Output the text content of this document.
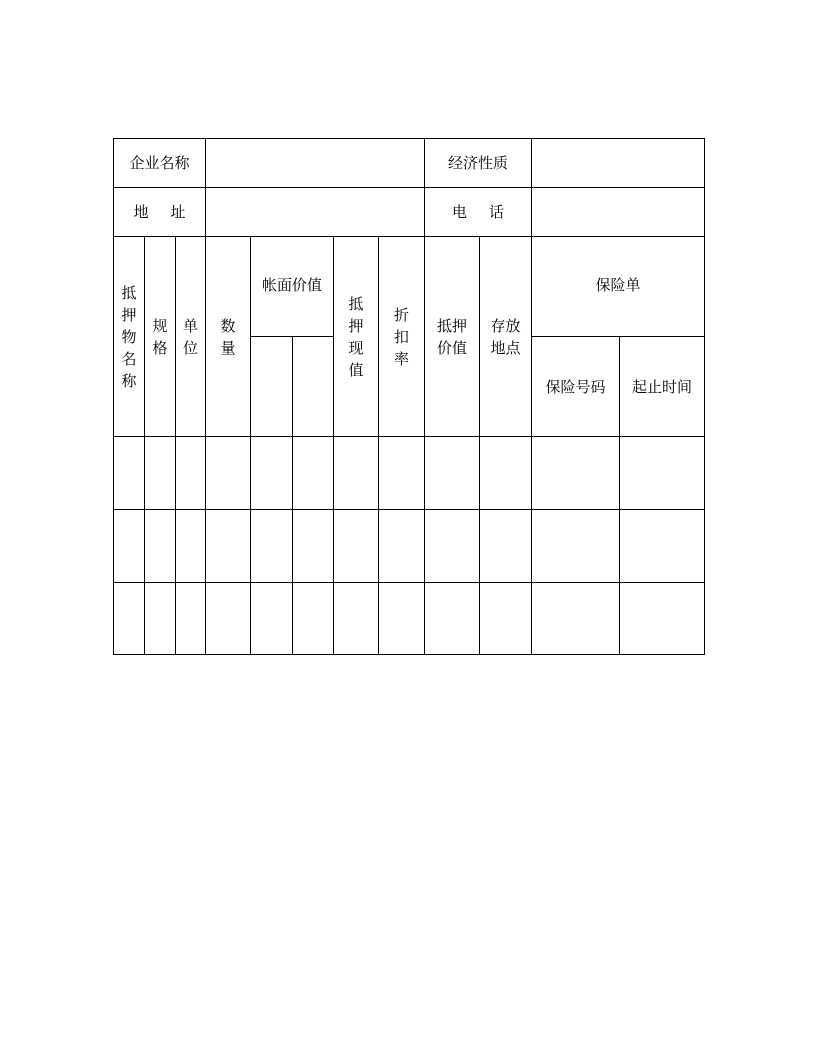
企业名称								经济性质			
地 址								电 话			
抵押物名称	规格	单位	数量	帐面价值		抵押现值	折扣率	抵押价值	存放地点	保险单	
										保险号码	起止时间
